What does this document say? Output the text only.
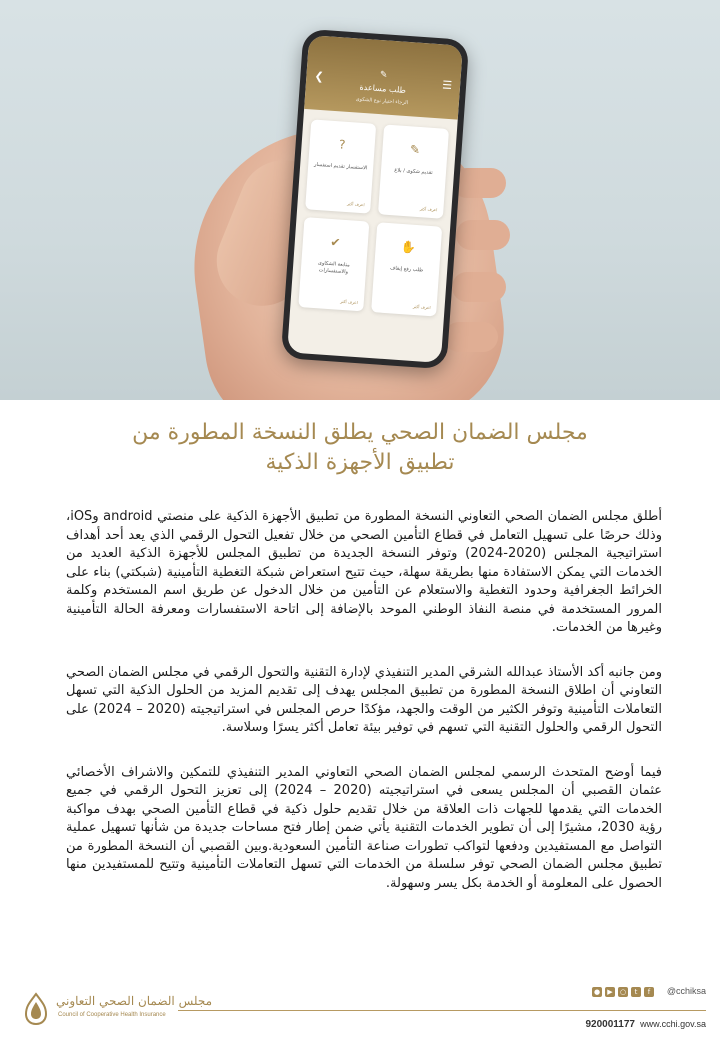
❮
☰
✎
طلب مساعدة
الرجاء اختيار نوع الشكوى
?
الاستفسار تقديم استفسار
اعرف أكثر
✎
تقديم شكوى / بلاغ
اعرف أكثر
✔
متابعة الشكاوى والاستفسارات
اعرف أكثر
✋
طلب رفع إيقاف
اعرف أكثر
مجلس الضمان الصحي يطلق النسخة المطورة من
تطبيق الأجهزة الذكية

أطلق مجلس الضمان الصحي التعاوني النسخة المطورة من تطبيق الأجهزة الذكية على منصتي android وiOS، وذلك حرصًا على تسهيل التعامل في قطاع التأمين الصحي من خلال تفعيل التحول الرقمي الذي يعد أحد أهداف استراتيجية المجلس (2020-2024) وتوفر النسخة الجديدة من تطبيق المجلس للأجهزة الذكية العديد من الخدمات التي يمكن الاستفادة منها بطريقة سهلة، حيث تتيح استعراض شبكة التغطية التأمينية (شبكتي) بناء على الخرائط الجغرافية وحدود التغطية والاستعلام عن التأمين من خلال الدخول عن طريق اسم المستخدم وكلمة المرور المستخدمة في منصة النفاذ الوطني الموحد بالإضافة إلى اتاحة الاستفسارات ومعرفة الحالة التأمينية وغيرها من الخدمات.

ومن جانبه أكد الأستاذ عبدالله الشرقي المدير التنفيذي لإدارة التقنية والتحول الرقمي في مجلس الضمان الصحي التعاوني أن اطلاق النسخة المطورة من تطبيق المجلس يهدف إلى تقديم المزيد من الحلول الذكية التي تسهل التعاملات التأمينية وتوفر الكثير من الوقت والجهد، مؤكدًا حرص المجلس في استراتيجيته (2020 – 2024) على التحول الرقمي والحلول التقنية التي تسهم في توفير بيئة تعامل أكثر يسرًا وسلاسة.

فيما أوضح المتحدث الرسمي لمجلس الضمان الصحي التعاوني المدير التنفيذي للتمكين والاشراف الأخصائي عثمان القصبي أن المجلس يسعى في استراتيجيته (2020 – 2024) إلى تعزيز التحول الرقمي في جميع الخدمات التي يقدمها للجهات ذات العلاقة من خلال تقديم حلول ذكية في قطاع التأمين الصحي بهدف مواكبة رؤية 2030، مشيرًا إلى أن تطوير الخدمات التقنية يأتي ضمن إطار فتح مساحات جديدة من شأنها تسهيل عملية التواصل مع المستفيدين ودفعها لتواكب تطورات صناعة التأمين السعودية.وبين القصبي أن النسخة المطورة من تطبيق مجلس الضمان الصحي توفر سلسلة من الخدمات التي تسهل التعاملات التأمينية وتتيح للمستفيدين منها الحصول على المعلومة أو الخدمة بكل يسر وسهولة.

مجلس الضمان الصحي التعاوني
Council of Cooperative Health Insurance
●	▶	○	t	f	@cchiksa
920001177 www.cchi.gov.sa
